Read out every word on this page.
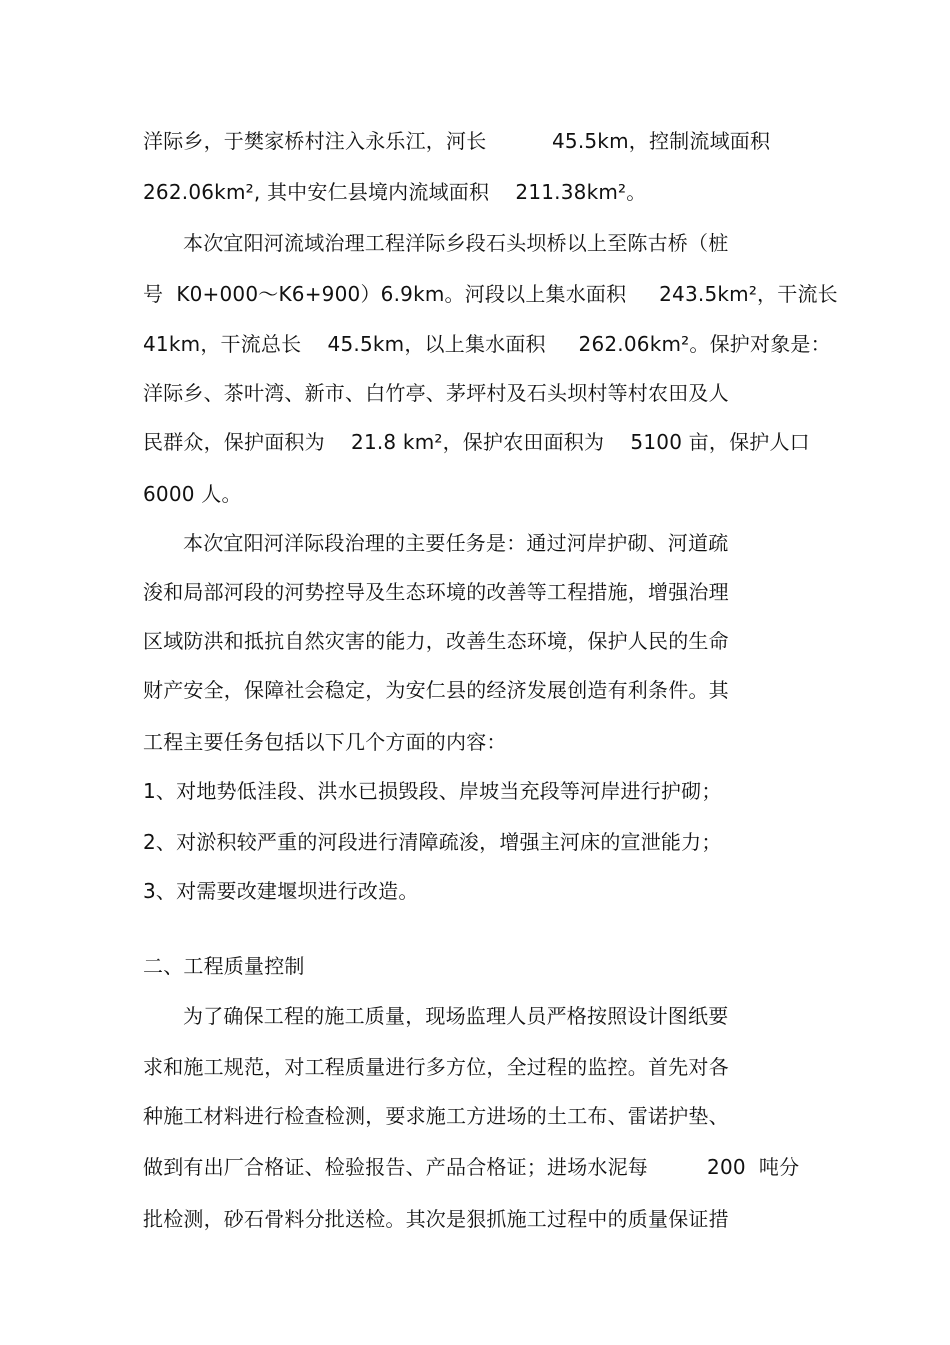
洋际乡，于樊家桥村注入永乐江，河长          45.5km，控制流域面积
262.06km², 其中安仁县境内流域面积    211.38km²。
本次宜阳河流域治理工程洋际乡段石头坝桥以上至陈古桥（桩
号  K0+000～K6+900）6.9km。河段以上集水面积     243.5km²，干流长
41km，干流总长    45.5km，以上集水面积     262.06km²。保护对象是：
洋际乡、茶叶湾、新市、白竹亭、茅坪村及石头坝村等村农田及人
民群众，保护面积为    21.8 km²，保护农田面积为    5100 亩，保护人口
6000 人。
本次宜阳河洋际段治理的主要任务是：通过河岸护砌、河道疏
浚和局部河段的河势控导及生态环境的改善等工程措施，增强治理
区域防洪和抵抗自然灾害的能力，改善生态环境，保护人民的生命
财产安全，保障社会稳定，为安仁县的经济发展创造有利条件。其
工程主要任务包括以下几个方面的内容：
1、对地势低洼段、洪水已损毁段、岸坡当充段等河岸进行护砌；
2、对淤积较严重的河段进行清障疏浚，增强主河床的宣泄能力；
3、对需要改建堰坝进行改造。
二、工程质量控制
为了确保工程的施工质量，现场监理人员严格按照设计图纸要
求和施工规范，对工程质量进行多方位，全过程的监控。首先对各
种施工材料进行检查检测，要求施工方进场的土工布、雷诺护垫、
做到有出厂合格证、检验报告、产品合格证；进场水泥每         200  吨分
批检测，砂石骨料分批送检。其次是狠抓施工过程中的质量保证措
